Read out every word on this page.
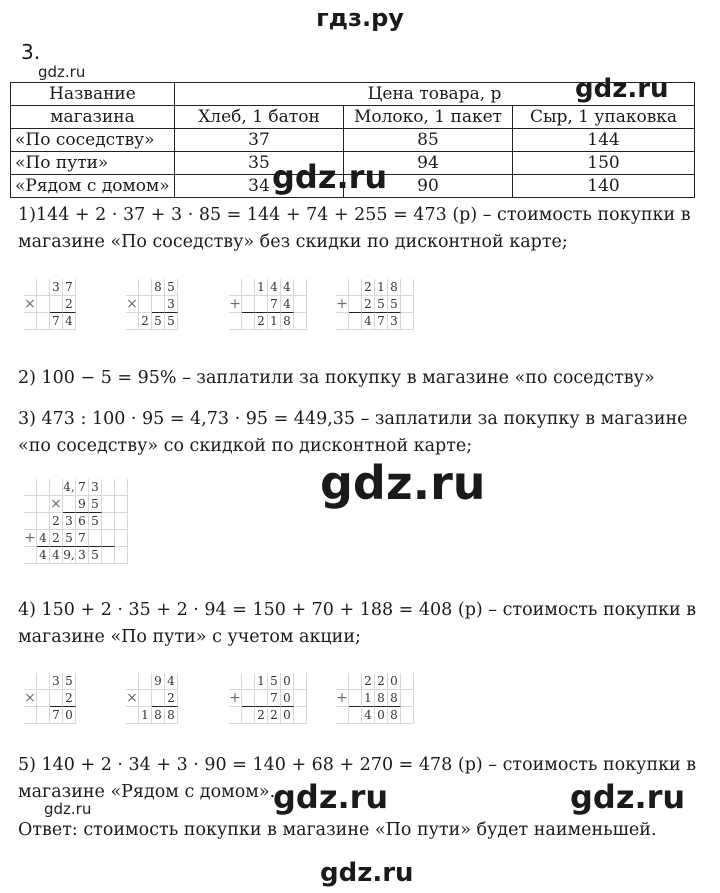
гдз.ру
3.
gdz.ru
gdz.ru
Название	Цена товара, р		
магазина	Хлеб, 1 батон	Молоко, 1 пакет	Сыр, 1 упаковка
«По соседству»	37	85	144
«По пути»	35	94	150
«Рядом с домом»	34	90	140
gdz.ru
1)144 + 2 · 37 + 3 · 85 = 144 + 74 + 255 = 473 (р) – стоимость покупки в
магазине «По соседству» без скидки по дисконтной карте;
3 7
× 2
7 4
8 5
× 3
2 5 5
1 4 4
+ 7 4
2 1 8
2 1 8
+ 2 5 5
4 7 3
2) 100 − 5 = 95% – заплатили за покупку в магазине «по соседству»
3) 473 : 100 · 95 = 4,73 · 95 = 449,35 – заплатили за покупку в магазине
«по соседству» со скидкой по дисконтной карте;
4, 7 3
× 9 5
2 3 6 5
+ 4 2 5 7
4 4 9, 3 5
gdz.ru
4) 150 + 2 · 35 + 2 · 94 = 150 + 70 + 188 = 408 (р) – стоимость покупки в
магазине «По пути» с учетом акции;
3 5
× 2
7 0
9 4
× 2
1 8 8
1 5 0
+ 7 0
2 2 0
2 2 0
+ 1 8 8
4 0 8
5) 140 + 2 · 34 + 3 · 90 = 140 + 68 + 270 = 478 (р) – стоимость покупки в
магазине «Рядом с домом».
gdz.ru	gdz.ru
gdz.ru
Ответ: стоимость покупки в магазине «По пути» будет наименьшей.
gdz.ru
